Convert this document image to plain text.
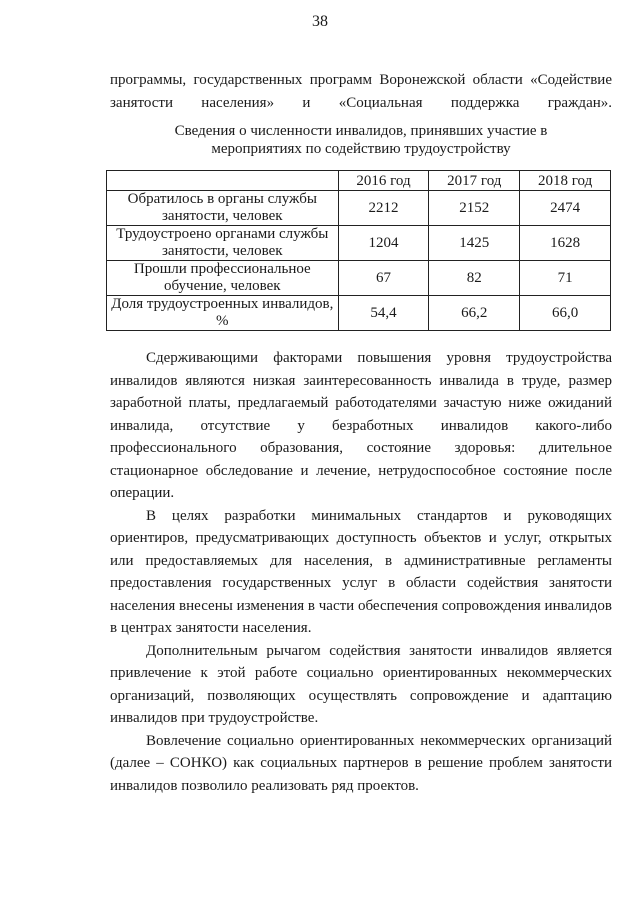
38

программы, государственных программ Воронежской области «Содействие занятости населения» и «Социальная поддержка граждан».

Сведения о численности инвалидов, принявших участие в
мероприятиях по содействию трудоустройству
	2016 год	2017 год	2018 год
Обратилось в органы службы занятости, человек	2212	2152	2474
Трудоустроено органами службы занятости, человек	1204	1425	1628
Прошли профессиональное обучение, человек	67	82	71
Доля трудоустроенных инвалидов, %	54,4	66,2	66,0

Сдерживающими факторами повышения уровня трудоустройства инвалидов являются низкая заинтересованность инвалида в труде, размер заработной платы, предлагаемый работодателями зачастую ниже ожиданий инвалида, отсутствие у безработных инвалидов какого-либо профессионального образования, состояние здоровья: длительное стационарное обследование и лечение, нетрудоспособное состояние после операции.

В целях разработки минимальных стандартов и руководящих ориентиров, предусматривающих доступность объектов и услуг, открытых или предоставляемых для населения, в административные регламенты предоставления государственных услуг в области содействия занятости населения внесены изменения в части обеспечения сопровождения инвалидов в центрах занятости населения.

Дополнительным рычагом содействия занятости инвалидов является привлечение к этой работе социально ориентированных некоммерческих организаций, позволяющих осуществлять сопровождение и адаптацию инвалидов при трудоустройстве.

Вовлечение социально ориентированных некоммерческих организаций (далее – СОНКО) как социальных партнеров в решение проблем занятости инвалидов позволило реализовать ряд проектов.
